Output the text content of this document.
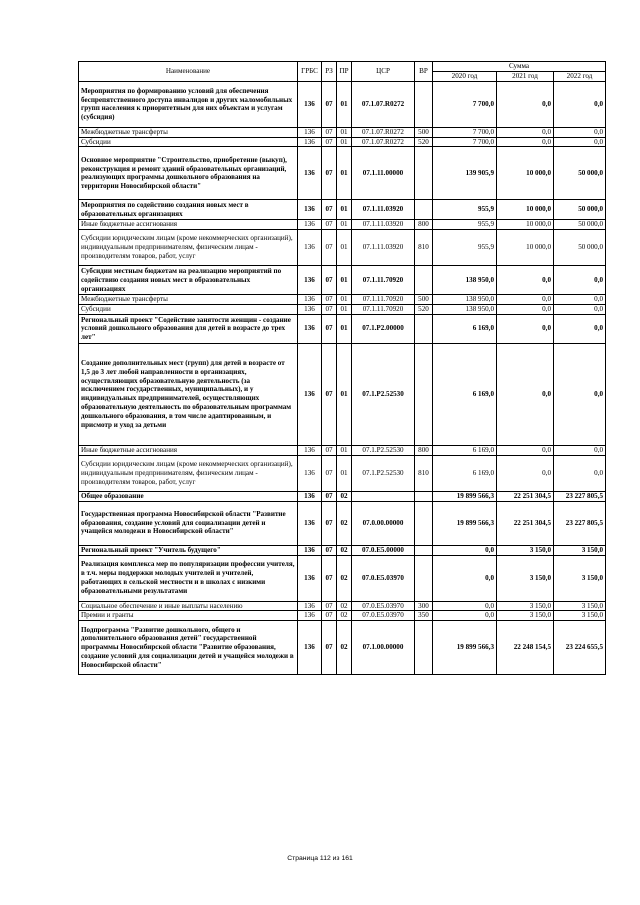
Наименование	ГРБС	РЗ	ПР	ЦСР	ВР	Сумма		
						2020 год	2021 год	2022 год
Мероприятия по формированию условий для обеспечения беспрепятственного доступа инвалидов и других маломобильных групп населения к приоритетным для них объектам и услугам (субсидия)	136	07	01	07.1.07.R0272		7 700,0	0,0	0,0
Межбюджетные трансферты	136	07	01	07.1.07.R0272	500	7 700,0	0,0	0,0
Субсидии	136	07	01	07.1.07.R0272	520	7 700,0	0,0	0,0
Основное мероприятие "Строительство, приобретение (выкуп), реконструкция и ремонт зданий образовательных организаций, реализующих программы дошкольного образования на территории Новосибирской области"	136	07	01	07.1.11.00000		139 905,9	10 000,0	50 000,0
Мероприятия по содействию создания новых мест в образовательных организациях	136	07	01	07.1.11.03920		955,9	10 000,0	50 000,0
Иные бюджетные ассигнования	136	07	01	07.1.11.03920	800	955,9	10 000,0	50 000,0
Субсидии юридическим лицам (кроме некоммерческих организаций), индивидуальным предпринимателям, физическим лицам - производителям товаров, работ, услуг	136	07	01	07.1.11.03920	810	955,9	10 000,0	50 000,0
Субсидии местным бюджетам на реализацию мероприятий по содействию создания новых мест в образовательных организациях	136	07	01	07.1.11.70920		138 950,0	0,0	0,0
Межбюджетные трансферты	136	07	01	07.1.11.70920	500	138 950,0	0,0	0,0
Субсидии	136	07	01	07.1.11.70920	520	138 950,0	0,0	0,0
Региональный проект "Содействие занятости женщин - создание условий дошкольного образования для детей в возрасте до трех лет"	136	07	01	07.1.P2.00000		6 169,0	0,0	0,0
Создание дополнительных мест (групп) для детей в возрасте от 1,5 до 3 лет любой направленности в организациях, осуществляющих образовательную деятельность (за исключением государственных, муниципальных), и у индивидуальных предпринимателей, осуществляющих образовательную деятельность по образовательным программам дошкольного образования, в том числе адаптированным, и присмотр и уход за детьми	136	07	01	07.1.P2.52530		6 169,0	0,0	0,0
Иные бюджетные ассигнования	136	07	01	07.1.P2.52530	800	6 169,0	0,0	0,0
Субсидии юридическим лицам (кроме некоммерческих организаций), индивидуальным предпринимателям, физическим лицам - производителям товаров, работ, услуг	136	07	01	07.1.P2.52530	810	6 169,0	0,0	0,0
Общее образование	136	07	02			19 899 566,3	22 251 304,5	23 227 805,5
Государственная программа Новосибирской области "Развитие образования, создание условий для социализации детей и учащейся молодежи в Новосибирской области"	136	07	02	07.0.00.00000		19 899 566,3	22 251 304,5	23 227 805,5
Региональный проект "Учитель будущего"	136	07	02	07.0.E5.00000		0,0	3 150,0	3 150,0
Реализация комплекса мер по популяризации профессии учителя, в т.ч. меры поддержки молодых учителей и учителей, работающих в сельской местности и в школах с низкими образовательными результатами	136	07	02	07.0.E5.03970		0,0	3 150,0	3 150,0
Социальное обеспечение и иные выплаты населению	136	07	02	07.0.E5.03970	300	0,0	3 150,0	3 150,0
Премии и гранты	136	07	02	07.0.E5.03970	350	0,0	3 150,0	3 150,0
Подпрограмма "Развитие дошкольного, общего и дополнительного образования детей" государственной программы Новосибирской области "Развитие образования, создание условий для социализации детей и учащейся молодежи в Новосибирской области"	136	07	02	07.1.00.00000		19 899 566,3	22 248 154,5	23 224 655,5
Страница 112 из 161
